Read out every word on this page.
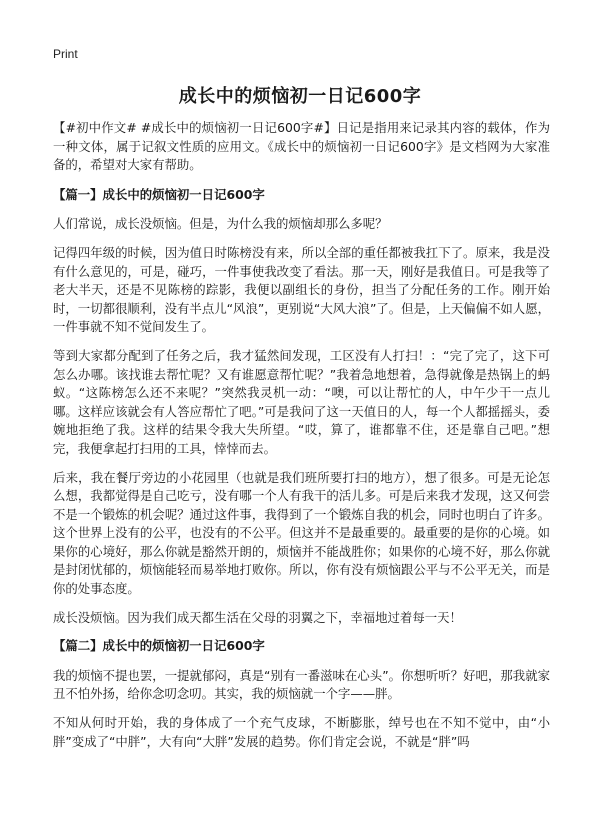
Print
成长中的烦恼初一日记600字

【#初中作文# #成长中的烦恼初一日记600字#】日记是指用来记录其内容的载体，作为一种文体，属于记叙文性质的应用文。《成长中的烦恼初一日记600字》是文档网为大家准备的，希望对大家有帮助。

【篇一】成长中的烦恼初一日记600字

人们常说，成长没烦恼。但是，为什么我的烦恼却那么多呢？

记得四年级的时候，因为值日时陈榜没有来，所以全部的重任都被我扛下了。原来，我是没有什么意见的，可是，碰巧，一件事使我改变了看法。那一天，刚好是我值日。可是我等了老大半天，还是不见陈榜的踪影，我便以副组长的身份，担当了分配任务的工作。刚开始时，一切都很顺利，没有半点儿“风浪”，更别说“大风大浪”了。但是，上天偏偏不如人愿，一件事就不知不觉间发生了。

等到大家都分配到了任务之后，我才猛然间发现，工区没有人打扫！：“完了完了，这下可怎么办哪。该找谁去帮忙呢？又有谁愿意帮忙呢？”我着急地想着，急得就像是热锅上的蚂蚁。“这陈榜怎么还不来呢？”突然我灵机一动：“噢，可以让帮忙的人，中午少干一点儿哪。这样应该就会有人答应帮忙了吧。”可是我问了这一天值日的人，每一个人都摇摇头，委婉地拒绝了我。这样的结果令我大失所望。“哎，算了，谁都靠不住，还是靠自己吧。”想完，我便拿起打扫用的工具，悻悻而去。

后来，我在餐厅旁边的小花园里（也就是我们班所要打扫的地方），想了很多。可是无论怎么想，我都觉得是自己吃亏，没有哪一个人有我干的活儿多。可是后来我才发现，这又何尝不是一个锻炼的机会呢？通过这件事，我得到了一个锻炼自我的机会，同时也明白了许多。这个世界上没有的公平，也没有的不公平。但这并不是最重要的。最重要的是你的心境。如果你的心境好，那么你就是豁然开朗的，烦恼并不能战胜你；如果你的心境不好，那么你就是封闭忧郁的，烦恼能轻而易举地打败你。所以，你有没有烦恼跟公平与不公平无关，而是你的处事态度。

成长没烦恼。因为我们成天都生活在父母的羽翼之下，幸福地过着每一天！

【篇二】成长中的烦恼初一日记600字

我的烦恼不提也罢，一提就郁闷，真是“别有一番滋味在心头”。你想听听？好吧，那我就家丑不怕外扬，给你念叨念叨。其实，我的烦恼就一个字——胖。

不知从何时开始，我的身体成了一个充气皮球，不断膨胀，绰号也在不知不觉中，由“小胖”变成了“中胖”，大有向“大胖”发展的趋势。你们肯定会说，不就是“胖”吗
